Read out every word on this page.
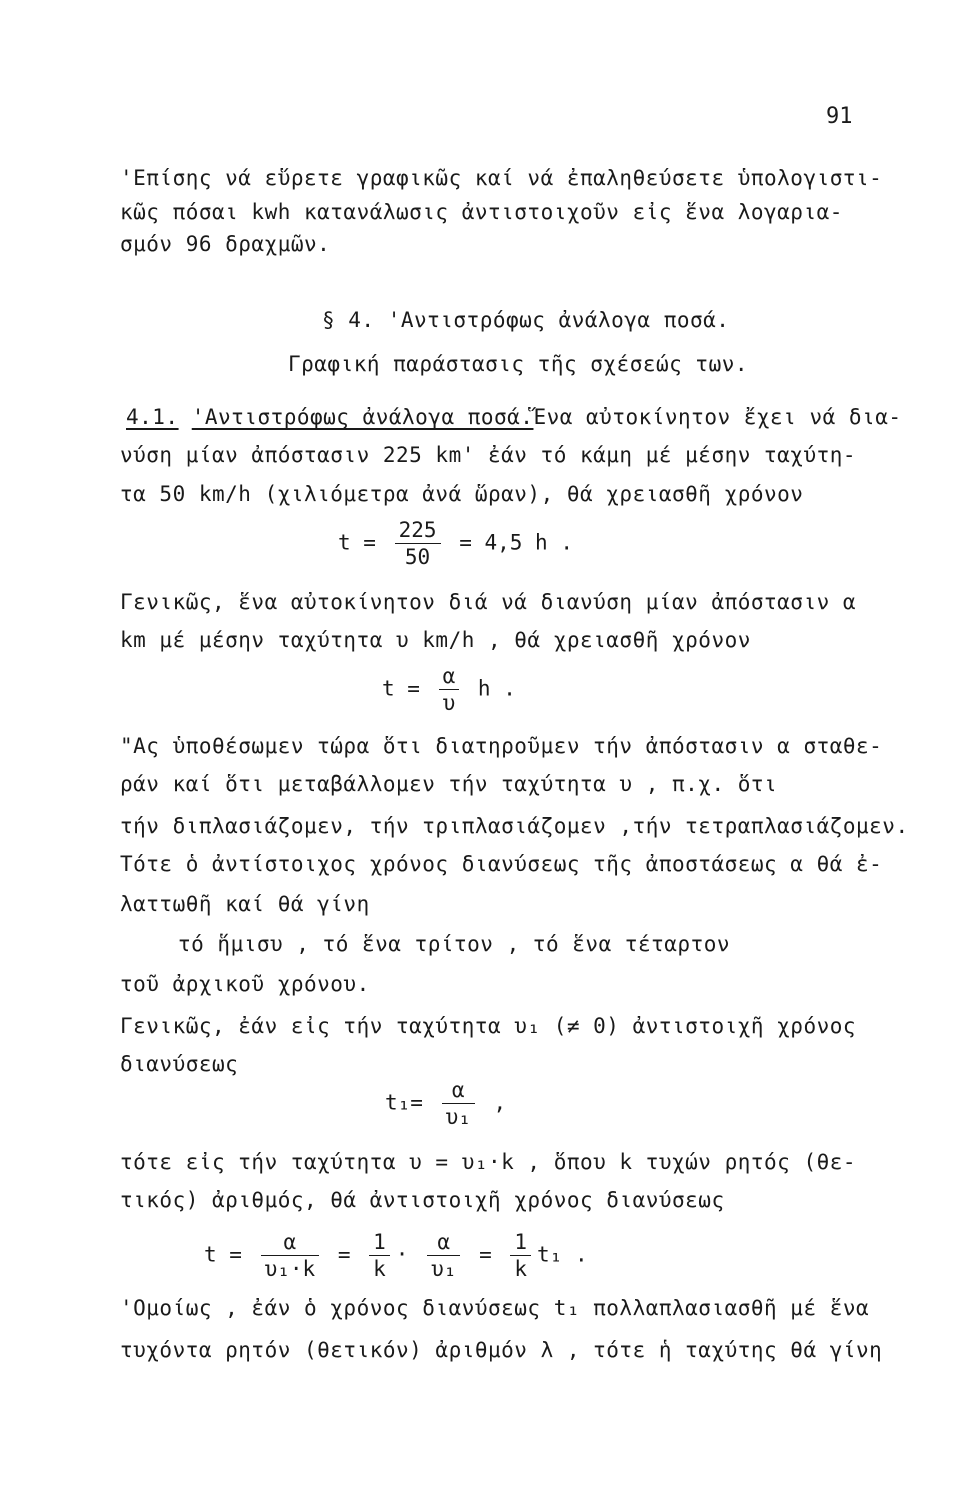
91
'Επίσης νά εὕρετε γραφικῶς καί νά ἐπαληθεύσετε ὑπολογιστι-
κῶς πόσαι kwh κατανάλωσις ἀντιστοιχοῦν εἰς ἕνα λογαρια-
σμόν 96 δραχμῶν.
§ 4. 'Αντιστρόφως ἀνάλογα ποσά.
Γραφική παράστασις τῆς σχέσεώς των.
4.1. 'Αντιστρόφως ἀνάλογα ποσά.Ἕνα αὐτοκίνητον ἔχει νά δια-
νύση μίαν ἀπόστασιν 225 km' ἐάν τό κάμη μέ μέσην ταχύτη-
τα 50 km/h (χιλιόμετρα ἀνά ὥραν), θά χρειασθῆ χρόνον
$t = \frac{225}{50} = 4,5$ h .
Γενικῶς, ἕνα αὐτοκίνητον διά νά διανύση μίαν ἀπόστασιν α
km μέ μέσην ταχύτητα υ km/h , θά χρειασθῆ χρόνον
$t = \frac{\alpha}{\upsilon}$ h .
"Ας ὑποθέσωμεν τώρα ὅτι διατηροῦμεν τήν ἀπόστασιν α σταθε-
ράν καί ὅτι μεταβάλλομεν τήν ταχύτητα υ , π.χ. ὅτι
τήν διπλασιάζομεν, τήν τριπλασιάζομεν ,τήν τετραπλασιάζομεν.
Τότε ὁ ἀντίστοιχος χρόνος διανύσεως τῆς ἀποστάσεως α θά ἐ-
λαττωθῆ καί θά γίνη
τό ἥμισυ , τό ἕνα τρίτον , τό ἕνα τέταρτον
τοῦ ἀρχικοῦ χρόνου.
Γενικῶς, ἐάν εἰς τήν ταχύτητα υ₁ (≠ 0) ἀντιστοιχῆ χρόνος
διανύσεως
$t_1= \frac{\alpha}{\text{υ₁}}$ ,
τότε εἰς τήν ταχύτητα υ = υ₁·k , ὅπου k τυχών ρητός (θε-
τικός) ἀριθμός, θά ἀντιστοιχῆ χρόνος διανύσεως
$t = \frac{\alpha}{\text{υ₁·k}} = \frac{1}{k} \cdot \frac{\alpha}{\text{υ₁}} = \frac{1}{k} t_1$ .
'Ομοίως , ἐάν ὁ χρόνος διανύσεως t₁ πολλαπλασιασθῆ μέ ἕνα
τυχόντα ρητόν (θετικόν) ἀριθμόν λ , τότε ἡ ταχύτης θά γίνη
